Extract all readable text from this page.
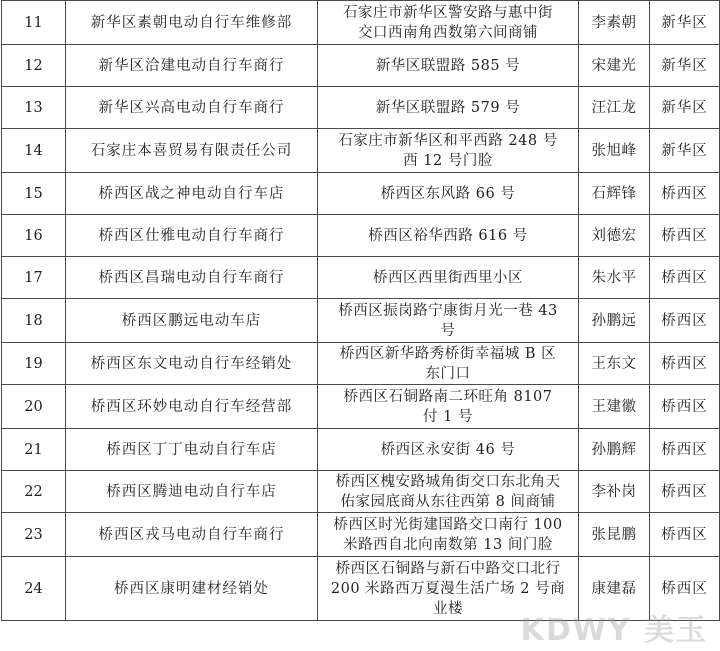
11	新华区素朝电动自行车维修部	石家庄市新华区警安路与惠中街
交口西南角西数第六间商铺	李素朝	新华区
12	新华区洽建电动自行车商行	新华区联盟路 585 号	宋建光	新华区
13	新华区兴高电动自行车商行	新华区联盟路 579 号	汪江龙	新华区
14	石家庄本喜贸易有限责任公司	石家庄市新华区和平西路 248 号
西 12 号门脸	张旭峰	新华区
15	桥西区战之神电动自行车店	桥西区东风路 66 号	石辉锋	桥西区
16	桥西区仕雅电动自行车商行	桥西区裕华西路 616 号	刘德宏	桥西区
17	桥西区昌瑞电动自行车商行	桥西区西里街西里小区	朱水平	桥西区
18	桥西区鹏远电动车店	桥西区振岗路宁康街月光一巷 43
号	孙鹏远	桥西区
19	桥西区东文电动自行车经销处	桥西区新华路秀桥街幸福城 B 区
东门口	王东文	桥西区
20	桥西区环妙电动自行车经营部	桥西区石铜路南二环旺角 8107
付 1 号	王建徽	桥西区
21	桥西区丁丁电动自行车店	桥西区永安街 46 号	孙鹏辉	桥西区
22	桥西区腾迪电动自行车店	桥西区槐安路城角街交口东北角天
佑家园底商从东往西第 8 间商铺	李补岗	桥西区
23	桥西区戎马电动自行车商行	桥西区时光街建国路交口南行 100
米路西自北向南数第 13 间门脸	张昆鹏	桥西区
24	桥西区康明建材经销处	桥西区石铜路与新石中路交口北行
200 米路西万夏漫生活广场 2 号商
业楼	康建磊	桥西区
KDWY 美玉
